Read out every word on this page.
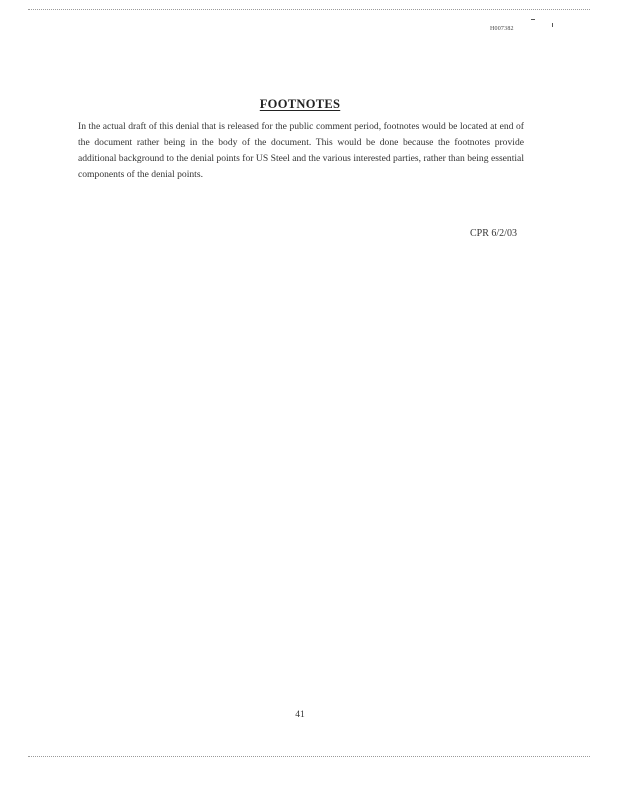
H007382
FOOTNOTES

In the actual draft of this denial that is released for the public comment period, footnotes would be located at end of the document rather being in the body of the document. This would be done because the footnotes provide additional background to the denial points for US Steel and the various interested parties, rather than being essential components of the denial points.

CPR 6/2/03
41
